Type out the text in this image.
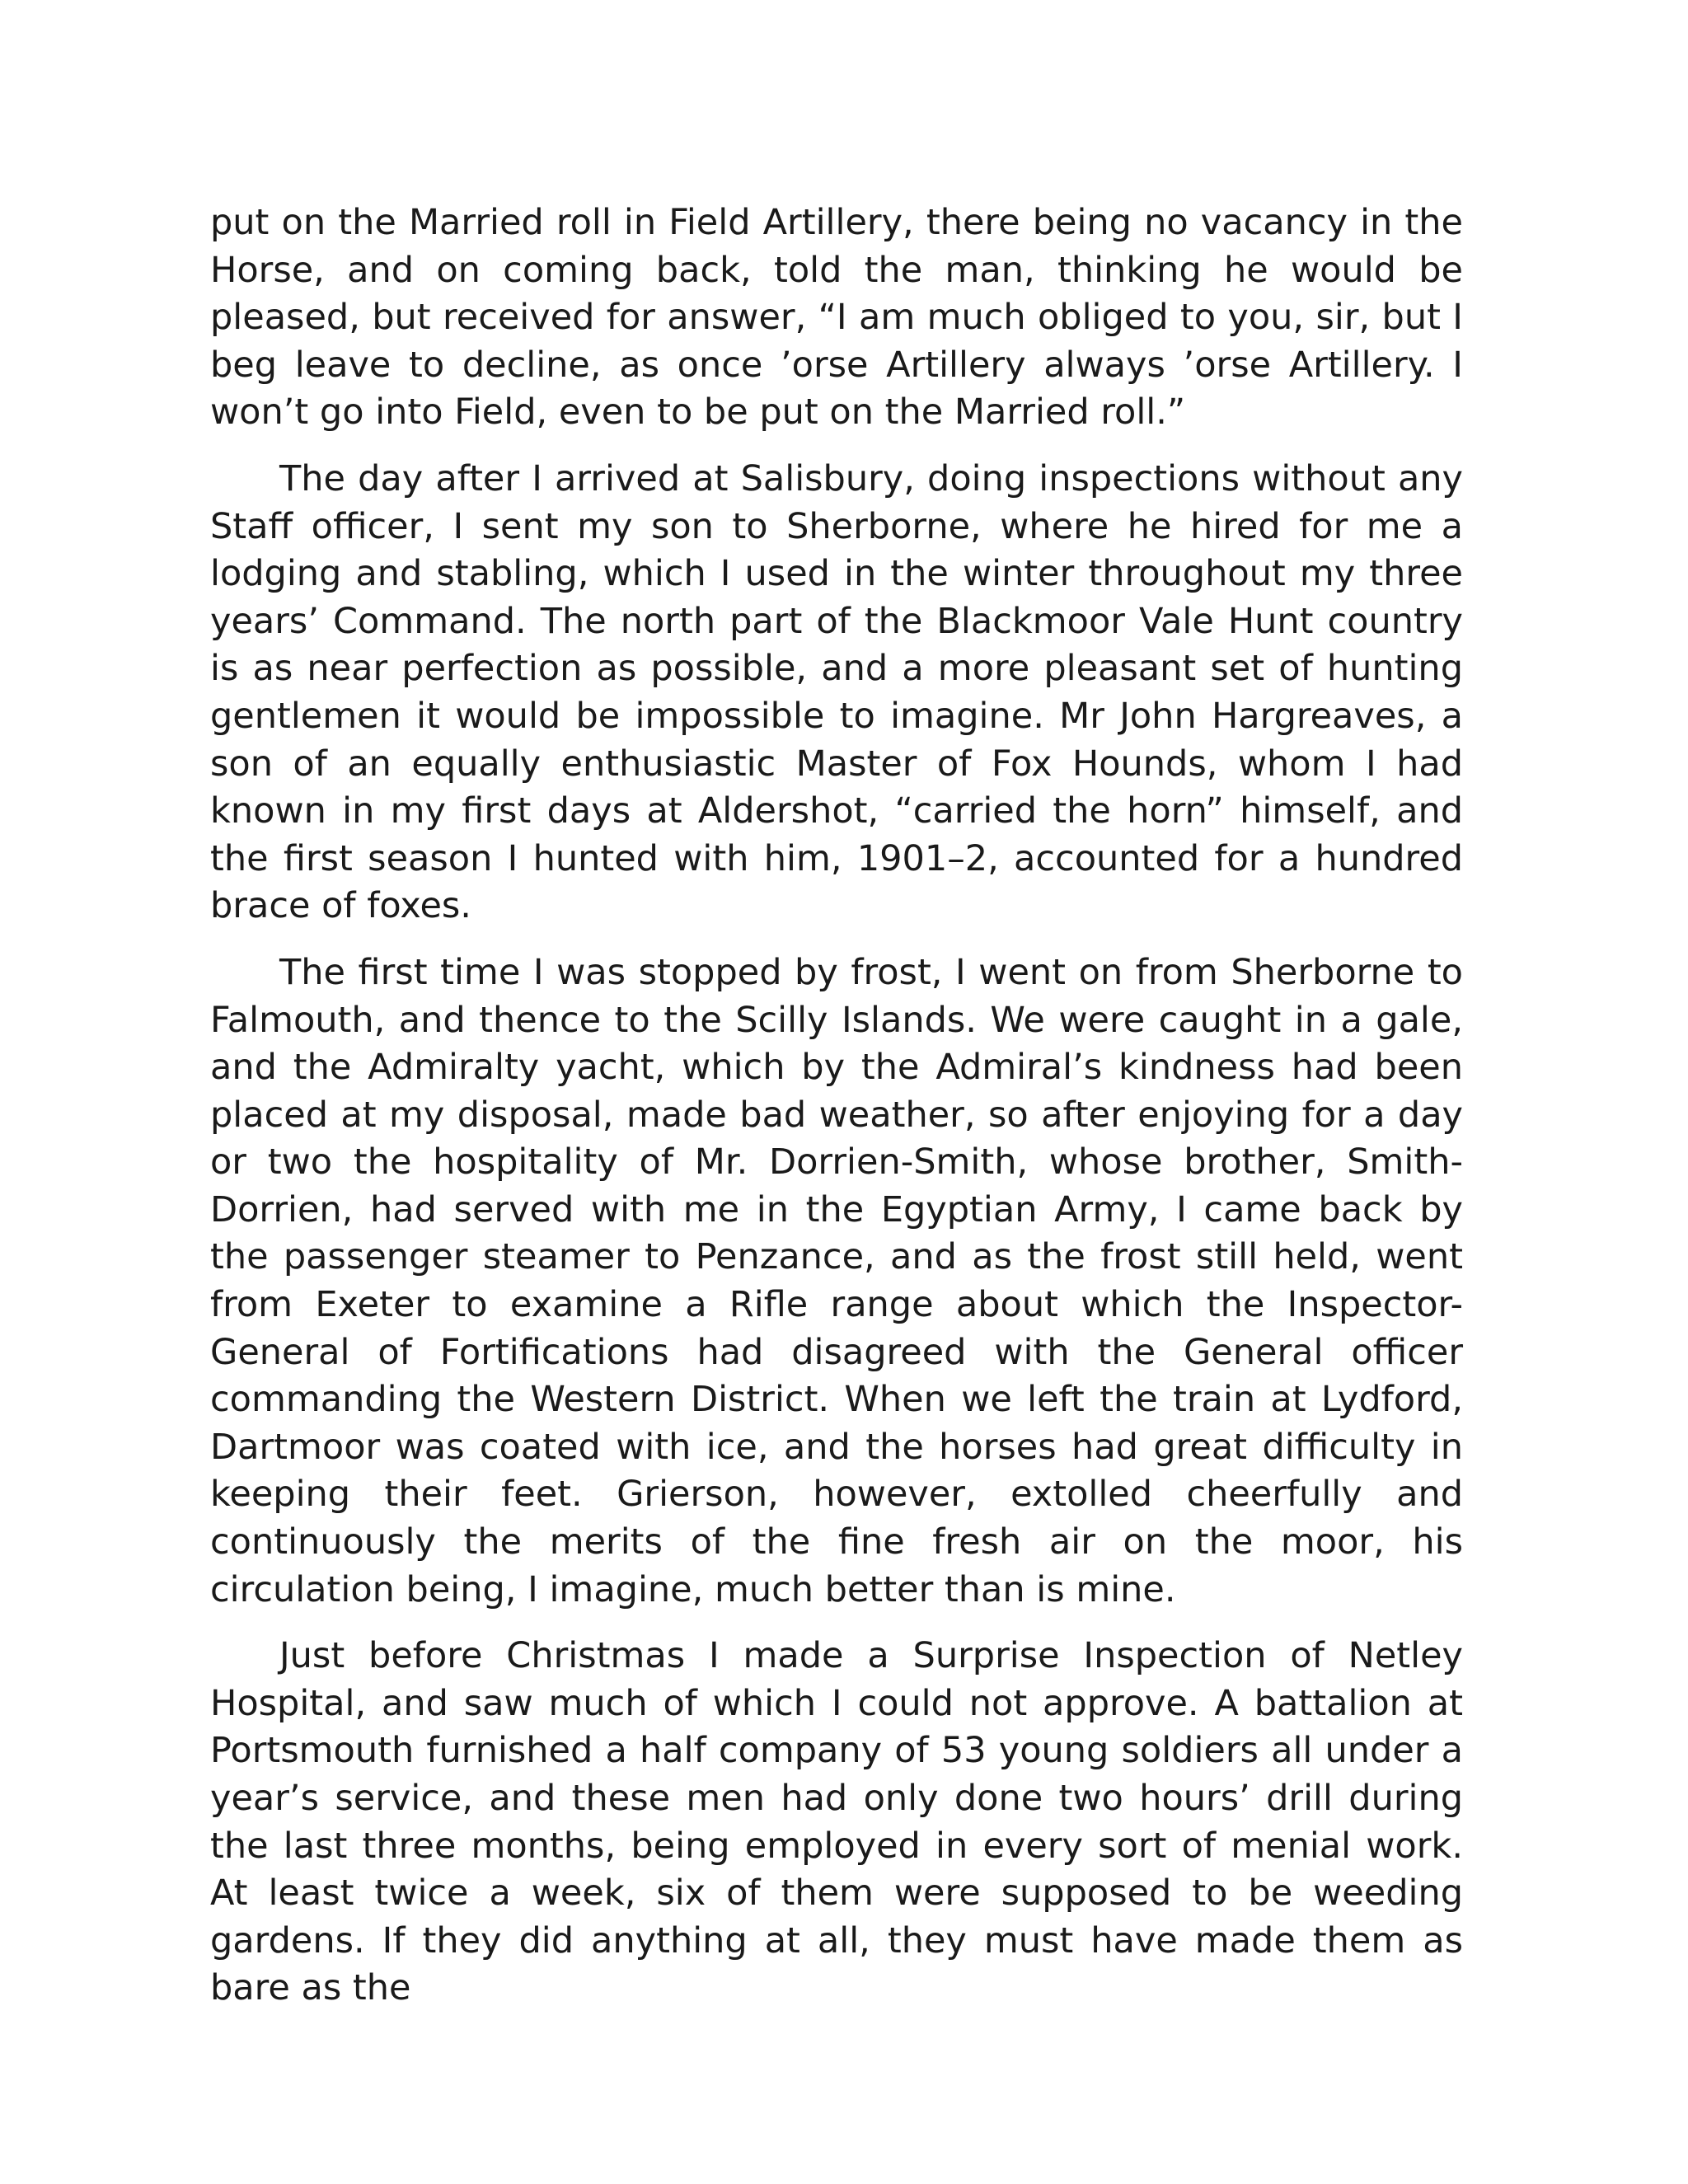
put on the Married roll in Field Artillery, there being no vacancy in the Horse, and on coming back, told the man, thinking he would be pleased, but received for answer, “I am much obliged to you, sir, but I beg leave to decline, as once ’orse Artillery always ’orse Artillery. I won’t go into Field, even to be put on the Married roll.”

The day after I arrived at Salisbury, doing inspections without any Staff officer, I sent my son to Sherborne, where he hired for me a lodging and stabling, which I used in the winter throughout my three years’ Command. The north part of the Blackmoor Vale Hunt country is as near perfection as possible, and a more pleasant set of hunting gentlemen it would be impossible to imagine. Mr John Hargreaves, a son of an equally enthusiastic Master of Fox Hounds, whom I had known in my first days at Aldershot, “carried the horn” himself, and the first season I hunted with him, 1901–2, accounted for a hundred brace of foxes.

The first time I was stopped by frost, I went on from Sherborne to Falmouth, and thence to the Scilly Islands. We were caught in a gale, and the Admiralty yacht, which by the Admiral’s kindness had been placed at my disposal, made bad weather, so after enjoying for a day or two the hospitality of Mr. Dorrien-Smith, whose brother, Smith-Dorrien, had served with me in the Egyptian Army, I came back by the passenger steamer to Penzance, and as the frost still held, went from Exeter to examine a Rifle range about which the Inspector-General of Fortifications had disagreed with the General officer commanding the Western District. When we left the train at Lydford, Dartmoor was coated with ice, and the horses had great difficulty in keeping their feet. Grierson, however, extolled cheerfully and continuously the merits of the fine fresh air on the moor, his circulation being, I imagine, much better than is mine.

Just before Christmas I made a Surprise Inspection of Netley Hospital, and saw much of which I could not approve. A battalion at Portsmouth furnished a half company of 53 young soldiers all under a year’s service, and these men had only done two hours’ drill during the last three months, being employed in every sort of menial work. At least twice a week, six of them were supposed to be weeding gardens. If they did anything at all, they must have made them as bare as the
